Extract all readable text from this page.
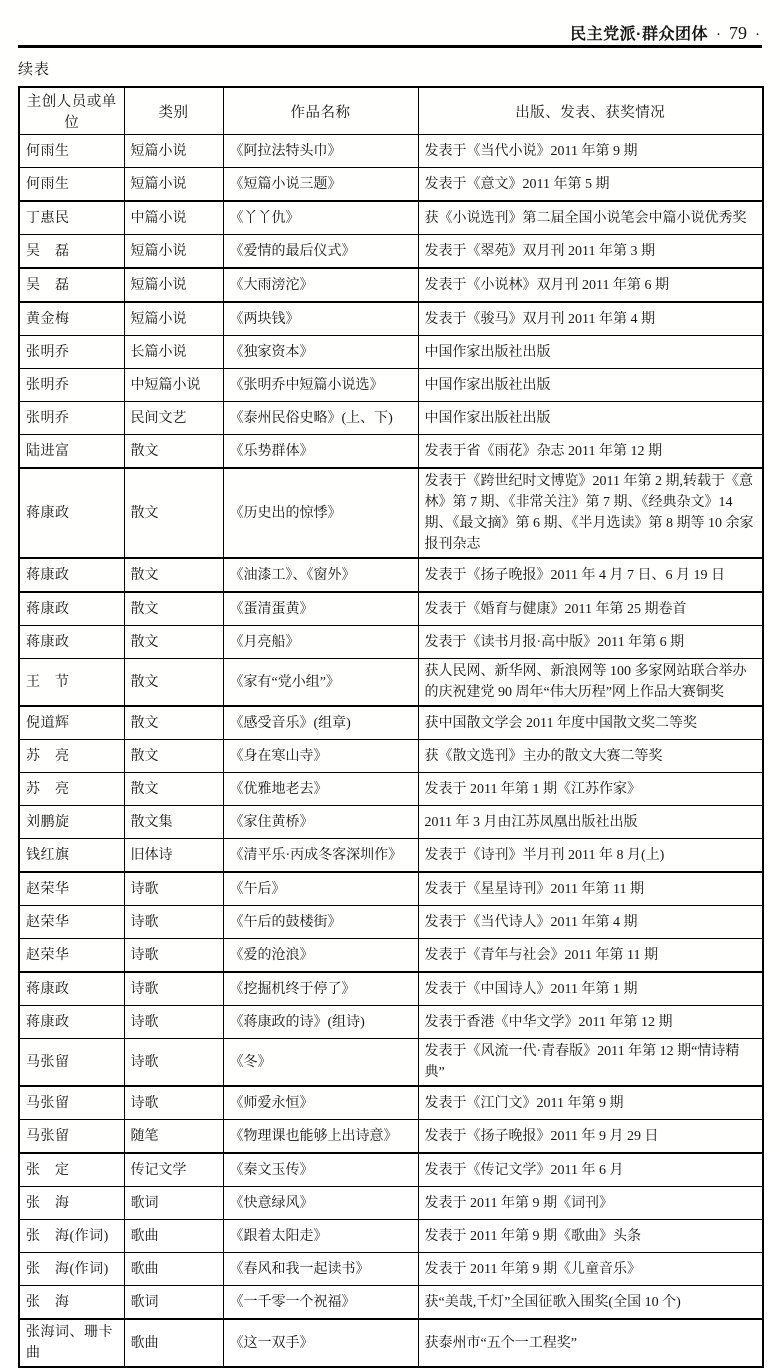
民主党派·群众团体 · 79 ·
续表
主创人员或单位	类别	作品名称	出版、发表、获奖情况
何雨生	短篇小说	《阿拉法特头巾》	发表于《当代小说》2011 年第 9 期
何雨生	短篇小说	《短篇小说三题》	发表于《意文》2011 年第 5 期
丁惠民	中篇小说	《丫丫仇》	获《小说选刊》第二届全国小说笔会中篇小说优秀奖
吴　磊	短篇小说	《爱情的最后仪式》	发表于《翠苑》双月刊 2011 年第 3 期
吴　磊	短篇小说	《大雨滂沱》	发表于《小说林》双月刊 2011 年第 6 期
黄金梅	短篇小说	《两块钱》	发表于《骏马》双月刊 2011 年第 4 期
张明乔	长篇小说	《独家资本》	中国作家出版社出版
张明乔	中短篇小说	《张明乔中短篇小说选》	中国作家出版社出版
张明乔	民间文艺	《泰州民俗史略》(上、下)	中国作家出版社出版
陆进富	散文	《乐势群体》	发表于省《雨花》杂志 2011 年第 12 期
蒋康政	散文	《历史出的惊悸》	发表于《跨世纪时文博览》2011 年第 2 期,转载于《意林》第 7 期、《非常关注》第 7 期、《经典杂文》14 期、《最文摘》第 6 期、《半月选读》第 8 期等 10 余家报刊杂志
蒋康政	散文	《油漆工》、《窗外》	发表于《扬子晚报》2011 年 4 月 7 日、6 月 19 日
蒋康政	散文	《蛋清蛋黄》	发表于《婚育与健康》2011 年第 25 期卷首
蒋康政	散文	《月亮船》	发表于《读书月报·高中版》2011 年第 6 期
王　节	散文	《家有“党小组”》	获人民网、新华网、新浪网等 100 多家网站联合举办的庆祝建党 90 周年“伟大历程”网上作品大赛铜奖
倪道辉	散文	《感受音乐》(组章)	获中国散文学会 2011 年度中国散文奖二等奖
苏　亮	散文	《身在寒山寺》	获《散文选刊》主办的散文大赛二等奖
苏　亮	散文	《优雅地老去》	发表于 2011 年第 1 期《江苏作家》
刘鹏旋	散文集	《家住黄桥》	2011 年 3 月由江苏凤凰出版社出版
钱红旗	旧体诗	《清平乐·丙成冬客深圳作》	发表于《诗刊》半月刊 2011 年 8 月(上)
赵荣华	诗歌	《午后》	发表于《星星诗刊》2011 年第 11 期
赵荣华	诗歌	《午后的鼓楼街》	发表于《当代诗人》2011 年第 4 期
赵荣华	诗歌	《爱的沧浪》	发表于《青年与社会》2011 年第 11 期
蒋康政	诗歌	《挖掘机终于停了》	发表于《中国诗人》2011 年第 1 期
蒋康政	诗歌	《蒋康政的诗》(组诗)	发表于香港《中华文学》2011 年第 12 期
马张留	诗歌	《冬》	发表于《风流一代·青春版》2011 年第 12 期“情诗精典”
马张留	诗歌	《师爱永恒》	发表于《江门文》2011 年第 9 期
马张留	随笔	《物理课也能够上出诗意》	发表于《扬子晚报》2011 年 9 月 29 日
张　定	传记文学	《秦文玉传》	发表于《传记文学》2011 年 6 月
张　海	歌词	《快意绿风》	发表于 2011 年第 9 期《词刊》
张　海(作词)	歌曲	《跟着太阳走》	发表于 2011 年第 9 期《歌曲》头条
张　海(作词)	歌曲	《春风和我一起读书》	发表于 2011 年第 9 期《儿童音乐》
张　海	歌词	《一千零一个祝福》	获“美哉,千灯”全国征歌入围奖(全国 10 个)
张海词、珊卡曲	歌曲	《这一双手》	获泰州市“五个一工程奖”
